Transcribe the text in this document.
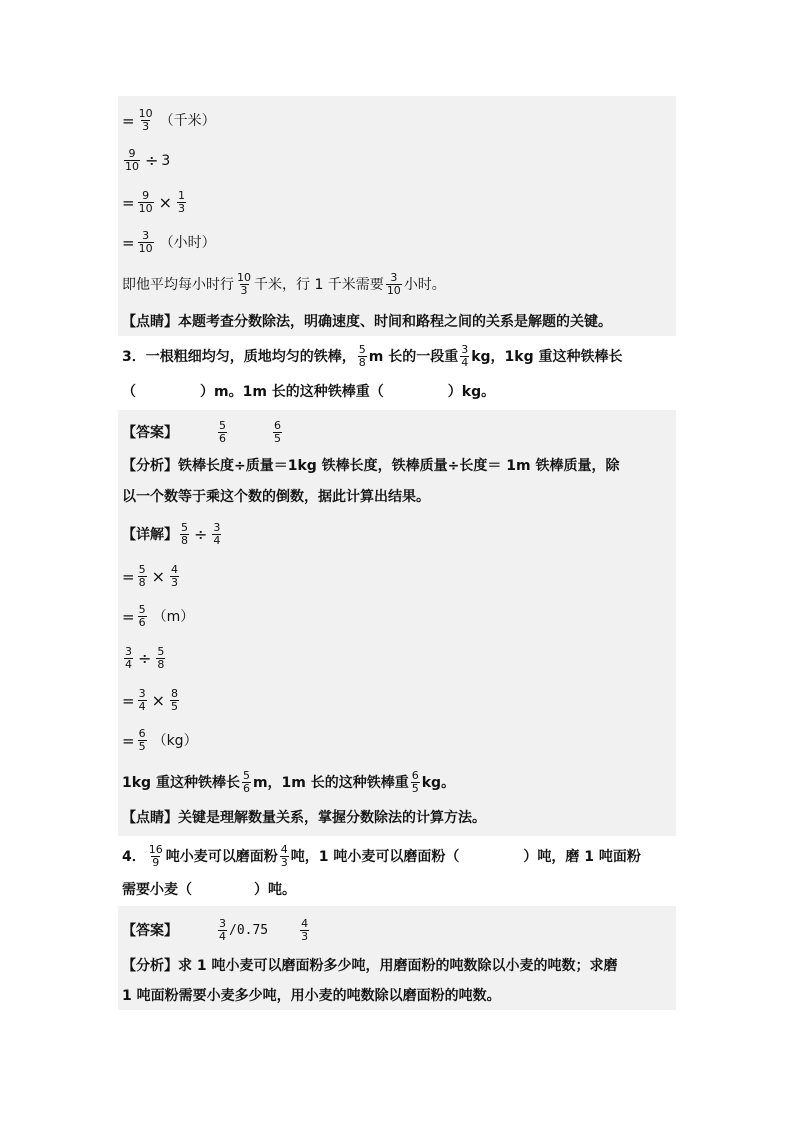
= $\frac{10}{3}$ （千米）
$\frac{9}{10} \div 3$
= $\frac{9}{10} \times \frac{1}{3}$
= $\frac{3}{10}$ （小时）
即他平均每小时行 $\frac{10}{3}$ 千米，行 1 千米需要 $\frac{3}{10}$ 小时。
【点睛】本题考查分数除法，明确速度、时间和路程之间的关系是解题的关键。
3．一根粗细均匀，质地均匀的铁棒， $\frac{5}{8}$ m 长的一段重 $\frac{3}{4}$ kg，1kg 重这种铁棒长
（	）m。1m 长的这种铁棒重（	）kg。
【答案】	$\frac{5}{6}$	$\frac{6}{5}$
【分析】铁棒长度÷质量＝1kg 铁棒长度，铁棒质量÷长度＝ 1m 铁棒质量，除
以一个数等于乘这个数的倒数，据此计算出结果。
【详解】 $\frac{5}{8} \div \frac{3}{4}$
= $\frac{5}{8} \times \frac{4}{3}$
= $\frac{5}{6} (m)$
$\frac{3}{4} \div \frac{5}{8}$
= $\frac{3}{4} \times \frac{8}{5}$
= $\frac{6}{5} (kg)$
1kg 重这种铁棒长 $\frac{5}{6}$ m，1m 长的这种铁棒重 $\frac{6}{5}$ kg。
【点睛】关键是理解数量关系，掌握分数除法的计算方法。
4． $\frac{16}{9}$ 吨小麦可以磨面粉 $\frac{4}{3}$ 吨，1 吨小麦可以磨面粉（	）吨，磨 1 吨面粉
需要小麦（	）吨。
【答案】	$\frac{3}{4} /0.75$	$\frac{4}{3}$
【分析】求 1 吨小麦可以磨面粉多少吨，用磨面粉的吨数除以小麦的吨数；求磨
1 吨面粉需要小麦多少吨，用小麦的吨数除以磨面粉的吨数。
